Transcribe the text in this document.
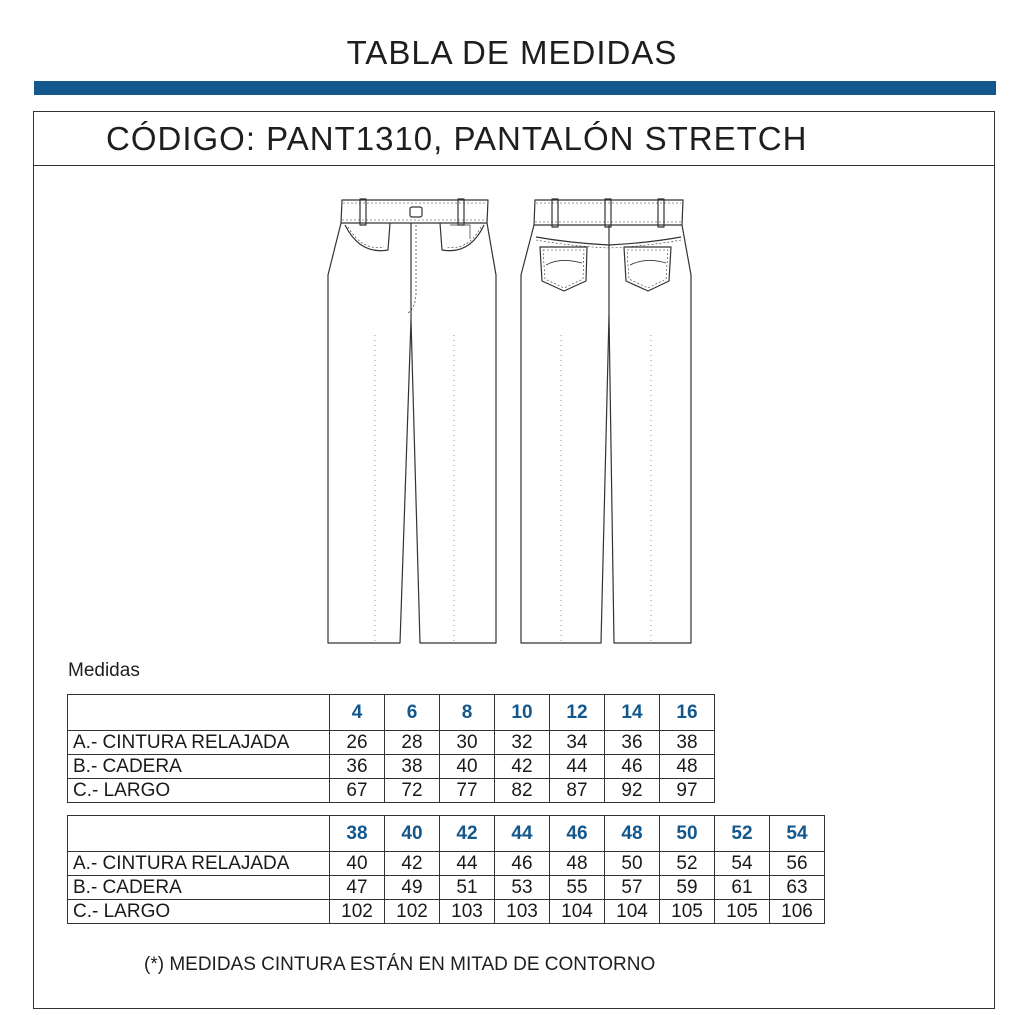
TABLA DE MEDIDAS
CÓDIGO: PANT1310, PANTALÓN STRETCH
Medidas
	4	6	8	10	12	14	16
A.- CINTURA RELAJADA	26	28	30	32	34	36	38
B.- CADERA	36	38	40	42	44	46	48
C.- LARGO	67	72	77	82	87	92	97
	38	40	42	44	46	48	50	52	54
A.- CINTURA RELAJADA	40	42	44	46	48	50	52	54	56
B.- CADERA	47	49	51	53	55	57	59	61	63
C.- LARGO	102	102	103	103	104	104	105	105	106
(*) MEDIDAS CINTURA ESTÁN EN MITAD DE CONTORNO
